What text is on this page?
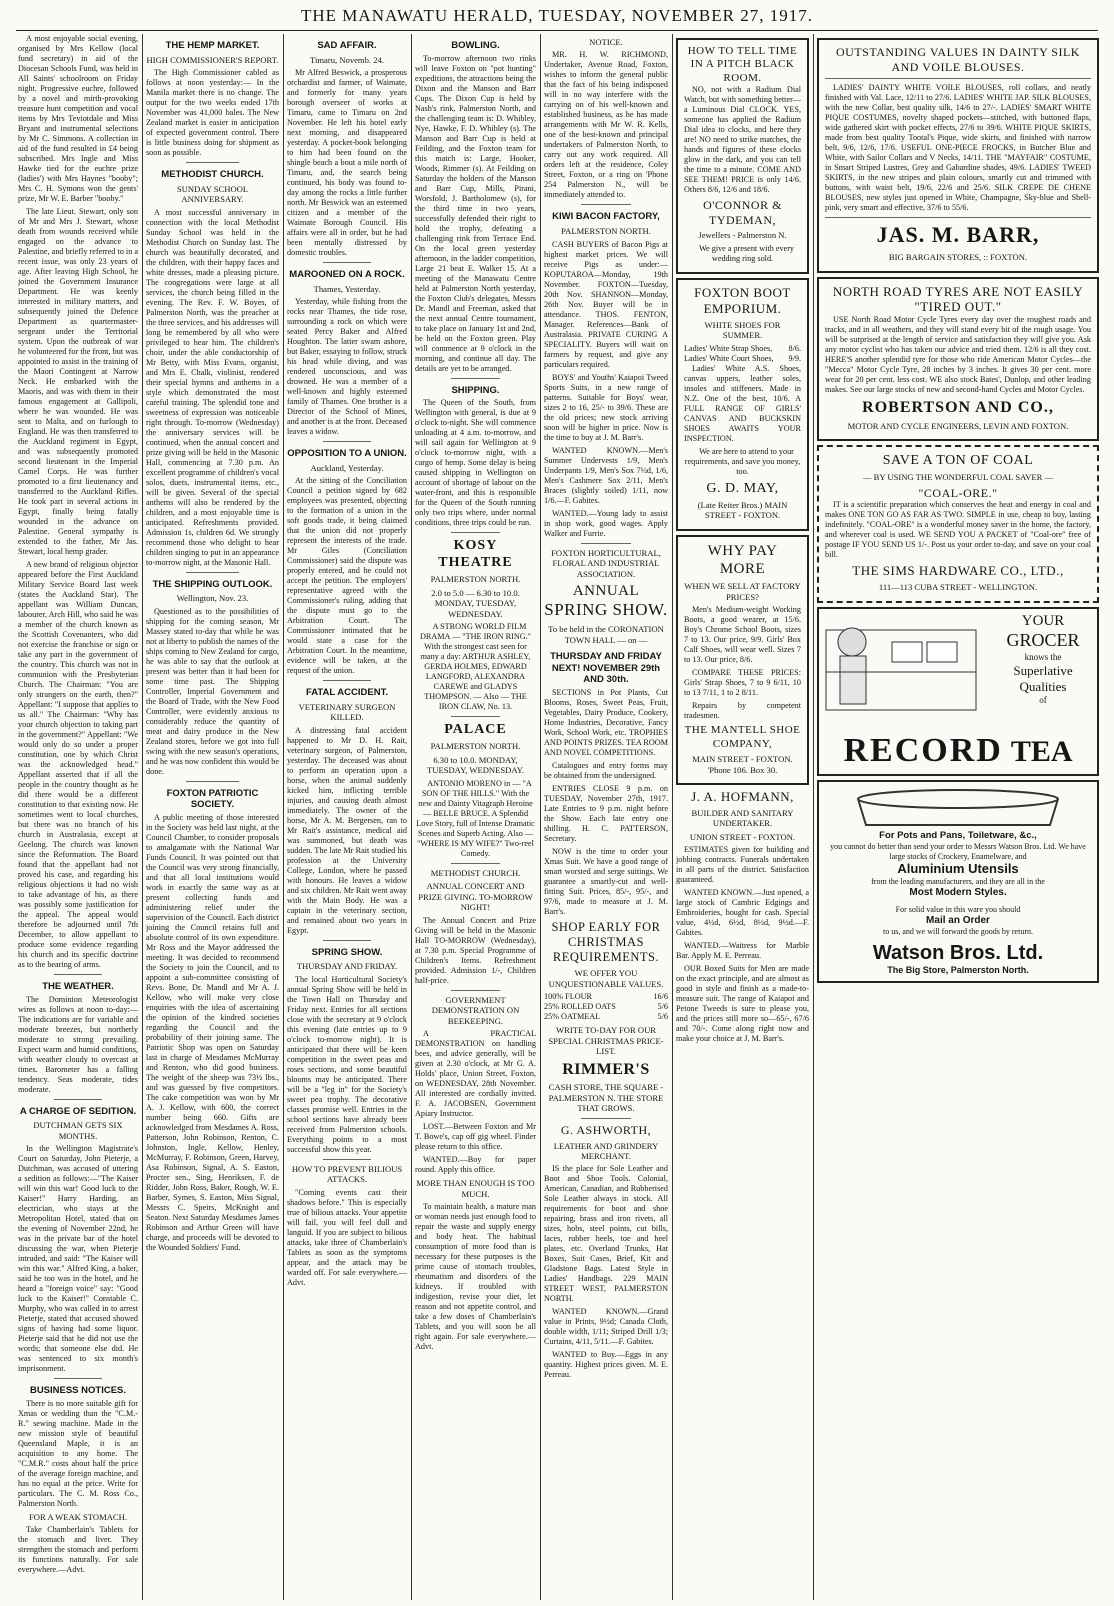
THE MANAWATU HERALD, TUESDAY, NOVEMBER 27, 1917.

A most enjoyable social evening, organised by Mrs Kellow (local fund secretary) in aid of the Diocesan Schools Fund, was held in All Saints' schoolroom on Friday night. Progressive euchre, followed by a novel and mirth-provoking treasure hunt competition and vocal items by Mrs Teviotdale and Miss Bryant and instrumental selections by Mr C. Simmons. A collection in aid of the fund resulted in £4 being subscribed. Mrs Ingle and Miss Hawke tied for the euchre prize (ladies') with Mrs Haynes "booby"; Mrs C. H. Symons won the gents' prize, Mr W. E. Barber "booby."

The late Lieut. Stewart, only son of Mr and Mrs J. Stewart, whose death from wounds received while engaged on the advance to Palestine, and briefly referred to in a recent issue, was only 23 years of age. After leaving High School, he joined the Government Insurance Department. He was keenly interested in military matters, and subsequently joined the Defence Department as quartermaster-sergeant under the Territorial system. Upon the outbreak of war he volunteered for the front, but was appointed to assist in the training of the Maori Contingent at Narrow Neck. He embarked with the Maoris, and was with them in their famous engagement at Gallipoli, where he was wounded. He was sent to Malta, and on furlough to England. He was then transferred to the Auckland regiment in Egypt, and was subsequently promoted second lieutenant in the Imperial Camel Corps. He was further promoted to a first lieutenancy and transferred to the Auckland Rifles. He took part in several actions in Egypt, finally being fatally wounded in the advance on Palestine. General sympathy is extended to the father, Mr Jas. Stewart, local hemp grader.

A new brand of religious objector appeared before the First Auckland Military Service Board last week (states the Auckland Star). The appellant was William Duncan, labourer, Arch Hill, who said he was a member of the church known as the Scottish Covenanters, who did not exercise the franchise or sign or take any part in the government of the country. This church was not in communion with the Presbyterian Church. The Chairman: "You are only strangers on the earth, then?" Appellant: "I suppose that applies to us all." The Chairman: "Why has your church objection to taking part in the government?" Appellant: "We would only do so under a proper constitution, one by which Christ was the acknowledged head." Appellant asserted that if all the people in the country thought as he did there would be a different constitution to that existing now. He sometimes went to local churches, but there was no branch of his church in Australasia, except at Geelong. The church was known since the Reformation. The Board found that the appellant had not proved his case, and regarding his religious objections it had no wish to take advantage of his, as there was possibly some justification for the appeal. The appeal would therefore be adjourned until 7th December, to allow appellant to produce some evidence regarding his church and its specific doctrine as to the bearing of arms.

THE WEATHER.

The Dominion Meteorologist wires as follows at noon to-day:— The indications are for variable and moderate breezes, but northerly moderate to strong prevailing. Expect warm and humid conditions, with weather cloudy to overcast at times. Barometer has a falling tendency. Seas moderate, tides moderate.

A CHARGE OF SEDITION.
DUTCHMAN GETS SIX MONTHS.

In the Wellington Magistrate's Court on Saturday, John Pieterje, a Dutchman, was accused of uttering a sedition as follows:—"The Kaiser will win this war! Good luck to the Kaiser!" Harry Harding, an electrician, who stays at the Metropolitan Hotel, stated that on the evening of November 22nd, he was in the private bar of the hotel discussing the war, when Pieterje intruded, and said: "The Kaiser will win this war." Alfred King, a baker, said he too was in the hotel, and he heard a "foreign voice" say: "Good luck to the Kaiser!" Constable C. Murphy, who was called in to arrest Pieterje, stated that accused showed signs of having had some liquor. Pieterje said that he did not use the words; that someone else did. He was sentenced to six month's imprisonment.

BUSINESS NOTICES.

There is no more suitable gift for Xmas or wedding than the "C.M.-R." sewing machine. Made in the new mission style of beautiful Queensland Maple, it is an acquisition to any home. The "C.M.R." costs about half the price of the average foreign machine, and has no equal at the price. Write for particulars. The C. M. Ross Co., Palmerston North.

FOR A WEAK STOMACH.

Take Chamberlain's Tablets for the stomach and liver. They strengthen the stomach and perform its functions naturally. For sale everywhere.—Advt.

THE HEMP MARKET.
HIGH COMMISSIONER'S REPORT.

The High Commissioner cabled as follows at noon yesterday:— In the Manila market there is no change. The output for the two weeks ended 17th November was 41,000 bales. The New Zealand market is easier in anticipation of expected government control. There is little business doing for shipment as soon as possible.

METHODIST CHURCH.
SUNDAY SCHOOL ANNIVERSARY.

A most successful anniversary in connection with the local Methodist Sunday School was held in the Methodist Church on Sunday last. The church was beautifully decorated, and the children, with their happy faces and white dresses, made a pleasing picture. The congregations were large at all services, the church being filled in the evening. The Rev. F. W. Boyes, of Palmerston North, was the preacher at the three services, and his addresses will long be remembered by all who were privileged to hear him. The children's choir, under the able conductorship of Mr Betty, with Miss Evans, organist, and Mrs E. Chalk, violinist, rendered their special hymns and anthems in a style which demonstrated the most careful training. The splendid tone and sweetness of expression was noticeable right through. To-morrow (Wednesday) the anniversary services will be continued, when the annual concert and prize giving will be held in the Masonic Hall, commencing at 7.30 p.m. An excellent programme of children's vocal solos, duets, instrumental items, etc., will be given. Several of the special anthems will also be rendered by the children, and a most enjoyable time is anticipated. Refreshments provided. Admission 1s, children 6d. We strongly recommend those who delight to hear children singing to put in an appearance to-morrow night, at the Masonic Hall.

THE SHIPPING OUTLOOK.
Wellington, Nov. 23.

Questioned as to the possibilities of shipping for the coming season, Mr Massey stated to-day that while he was not at liberty to publish the names of the ships coming to New Zealand for cargo, he was able to say that the outlook at present was better than it had been for some time past. The Shipping Controller, Imperial Government and the Board of Trade, with the New Food Controller, were evidently anxious to considerably reduce the quantity of meat and dairy produce in the New Zealand stores, before we got into full swing with the new season's operations, and he was now confident this would be done.

FOXTON PATRIOTIC SOCIETY.

A public meeting of those interested in the Society was held last night, at the Council Chamber, to consider proposals to amalgamate with the National War Funds Council. It was pointed out that the Council was very strong financially, and that all local institutions would work in exactly the same way as at present collecting funds and administering relief under the supervision of the Council. Each district joining the Council retains full and absolute control of its own expenditure. Mr Ross and the Mayor addressed the meeting. It was decided to recommend the Society to join the Council, and to appoint a sub-committee consisting of Revs. Bone, Dr. Mandl and Mr A. J. Kellow, who will make very close enquiries with the idea of ascertaining the opinion of the kindred societies regarding the Council and the probability of their joining same. The Patriotic Shop was open on Saturday last in charge of Mesdames McMurray and Renton, who did good business. The weight of the sheep was 73½ lbs., and was guessed by five competitors. The cake competition was won by Mr A. J. Kellow, with 600, the correct number being 660. Gifts are acknowledged from Mesdames A. Ross, Patterson, John Robinson, Renton, C. Johnston, Ingle, Kellow, Henley, McMurray, F. Robinson, Green, Harvey, Asa Robinson, Signal, A. S. Easton, Procter sen., Sing, Henriksen, F. de Ridder, John Ross, Baker, Rough, W. E. Barber, Symes, S. Easton, Miss Signal, Messrs C. Speirs, McKnight and Seaton. Next Saturday Mesdames James Robinson and Arthur Green will have charge, and proceeds will be devoted to the Wounded Soldiers' Fund.

SAD AFFAIR.
Timaru, Novemb. 24.

Mr Alfred Beswick, a prosperous orchardist and farmer, of Waimate, and formerly for many years borough overseer of works at Timaru, came to Timaru on 2nd November. He left his hotel early next morning, and disappeared yesterday. A pocket-book belonging to him had been found on the shingle beach a bout a mile north of Timaru, and, the search being continued, his body was found to-day among the rocks a little further north. Mr Beswick was an esteemed citizen and a member of the Waimate Borough Council. His affairs were all in order, but he had been mentally distressed by domestic troubles.

MAROONED ON A ROCK.
Thames, Yesterday.

Yesterday, while fishing from the rocks near Thames, the tide rose, surrounding a rock on which were seated Percy Baker and Alfred Houghton. The latter swam ashore, but Baker, essaying to follow, struck his head while diving, and was rendered unconscious, and was drowned. He was a member of a well-known and highly esteemed family of Thames. One brother is a Director of the School of Mines, and another is at the front. Deceased leaves a widow.

OPPOSITION TO A UNION.
Auckland, Yesterday.

At the sitting of the Conciliation Council a petition signed by 682 employees was presented, objecting to the formation of a union in the soft goods trade, it being claimed that the union did not properly represent the interests of the trade. Mr Giles (Conciliation Commissioner) said the dispute was properly entered, and he could not accept the petition. The employers' representative agreed with the Commissioner's ruling, adding that the dispute must go to the Arbitration Court. The Commissioner intimated that he would state a case for the Arbitration Court. In the meantime, evidence will be taken, at the request of the union.

FATAL ACCIDENT.
VETERINARY SURGEON KILLED.

A distressing fatal accident happened to Mr D. H. Rait, veterinary surgeon, of Palmerston, yesterday. The deceased was about to perform an operation upon a horse, when the animal suddenly kicked him, inflicting terrible injuries, and causing death almost immediately. The owner of the horse, Mr A. M. Bergersen, ran to Mr Rait's assistance, medical aid was summoned, but death was sudden. The late Mr Rait studied his profession at the University College, London, where he passed with honours. He leaves a widow and six children. Mr Rait went away with the Main Body. He was a captain in the veterinary section, and remained about two years in Egypt.

SPRING SHOW.
THURSDAY AND FRIDAY.

The local Horticultural Society's annual Spring Show will be held in the Town Hall on Thursday and Friday next. Entries for all sections close with the secretary at 9 o'clock this evening (late entries up to 9 o'clock to-morrow night). It is anticipated that there will be keen competition in the sweet peas and roses sections, and some beautiful blooms may be anticipated. There will be a "leg in" for the Society's sweet pea trophy. The decorative classes promise well. Entries in the school sections have already been received from Palmerston schools. Everything points to a most successful show this year.

HOW TO PREVENT BILIOUS ATTACKS.

"Coming events cast their shadows before." This is especially true of bilious attacks. Your appetite will fail, you will feel dull and languid. If you are subject to bilious attacks, take three of Chamberlain's Tablets as soon as the symptoms appear, and the attack may be warded off. For sale everywhere.—Advt.

BOWLING.

To-morrow afternoon two rinks will leave Foxton on "pot hunting" expeditions, the attractions being the Dixon and the Manson and Barr Cups. The Dixon Cup is held by Nash's rink, Palmerston North, and the challenging team is: D. Whibley, Nye, Hawke, F. D. Whibley (s). The Manson and Barr Cup is held at Feilding, and the Foxton team for this match is: Large, Hooker, Woods, Rimmer (s). At Feilding on Saturday the holders of the Manson and Barr Cup, Mills, Pirani, Worsfold, J. Bartholomew (s), for the third time in two years, successfully defended their right to hold the trophy, defeating a challenging rink from Terrace End. On the local green yesterday afternoon, in the ladder competition, Large 21 beat E. Walker 15. At a meeting of the Manawatu Centre held at Palmerston North yesterday, the Foxton Club's delegates, Messrs Dr. Mandl and Freeman, asked that the next annual Centre tournament, to take place on January 1st and 2nd, be held on the Foxton green. Play will commence at 9 o'clock in the morning, and continue all day. The details are yet to be arranged.

SHIPPING.

The Queen of the South, from Wellington with general, is due at 9 o'clock to-night. She will commence unloading at 4 a.m. to-morrow, and will sail again for Wellington at 9 o'clock to-morrow night, with a cargo of hemp. Some delay is being caused shipping in Wellington on account of shortage of labour on the water-front, and this is responsible for the Queen of the South running only two trips where, under normal conditions, three trips could be run.

KOSY THEATRE
PALMERSTON NORTH.
2.0 to 5.0 — 6.30 to 10.0. MONDAY, TUESDAY, WEDNESDAY.

A STRONG WORLD FILM DRAMA — "THE IRON RING." With the strongest cast seen for many a day: ARTHUR ASHLEY, GERDA HOLMES, EDWARD LANGFORD, ALEXANDRA CAREWE and GLADYS THOMPSON. — Also — THE IRON CLAW, No. 13.

PALACE
PALMERSTON NORTH.
6.30 to 10.0. MONDAY, TUESDAY, WEDNESDAY.

ANTONIO MORENO in — "A SON OF THE HILLS." With the new and Dainty Vitagraph Heroine — BELLE BRUCE. A Splendid Love Story, full of Intense Dramatic Scenes and Superb Acting. Also — "WHERE IS MY WIFE?" Two-reel Comedy.

METHODIST CHURCH.
ANNUAL CONCERT AND PRIZE GIVING. TO-MORROW NIGHT!

The Annual Concert and Prize Giving will be held in the Masonic Hall TO-MORROW (Wednesday), at 7.30 p.m. Special Programme of Children's Items. Refreshment provided. Admission 1/-, Children half-price.

GOVERNMENT DEMONSTRATION ON BEEKEEPING.

A PRACTICAL DEMONSTRATION on handling bees, and advice generally, will be given at 2.30 o'clock, at Mr G. A. Holds' place, Union Street, Foxton, on WEDNESDAY, 28th November. All interested are cordially invited. F. A. JACOBSEN, Government Apiary Instructor.

LOST.—Between Foxton and Mr T. Bowe's, cap off gig wheel. Finder please return to this office.

WANTED.—Boy for paper round. Apply this office.

MORE THAN ENOUGH IS TOO MUCH.

To maintain health, a mature man or woman needs just enough food to repair the waste and supply energy and body heat. The habitual consumption of more food than is necessary for these purposes is the prime cause of stomach troubles, rheumatism and disorders of the kidneys. If troubled with indigestion, revise your diet, let reason and not appetite control, and take a few doses of Chamberlain's Tablets, and you will soon be all right again. For sale everywhere.—Advt.

NOTICE.

MR. H. W. RICHMOND, Undertaker, Avenue Road, Foxton, wishes to inform the general public that the fact of his being indisposed will in no way interfere with the carrying on of his well-known and established business, as he has made arrangements with Mr W. R. Kells, one of the best-known and principal undertakers of Palmerston North, to carry out any work required. All orders left at the residence, Coley Street, Foxton, or a ring on 'Phone 254 Palmerston N., will be immediately attended to.

KIWI BACON FACTORY,
PALMERSTON NORTH.

CASH BUYERS of Bacon Pigs at highest market prices. We will receive Pigs as under:— KOPUTAROA—Monday, 19th November. FOXTON—Tuesday, 20th Nov. SHANNON—Monday, 26th Nov. Buyer will be in attendance. THOS. FENTON, Manager. References—Bank of Australasia. PRIVATE CURING A SPECIALITY. Buyers will wait on farmers by request, and give any particulars required.

BOYS' and Youths' Kaiapoi Tweed Sports Suits, in a new range of patterns. Suitable for Boys' wear, sizes 2 to 16, 25/- to 39/6. These are the old prices; new stock arriving soon will be higher in price. Now is the time to buy at J. M. Barr's.

WANTED KNOWN.—Men's Summer Undervests 1/9, Men's Underpants 1/9, Men's Sox 7½d, 1/6, Men's Cashmere Sox 2/11, Men's Braces (slightly soiled) 1/11, now 1/6.—F. Gabites.

WANTED.—Young lady to assist in shop work, good wages. Apply Walker and Furrie.

FOXTON HORTICULTURAL, FLORAL AND INDUSTRIAL ASSOCIATION.
ANNUAL
SPRING SHOW.
To be held in the CORONATION TOWN HALL — on —
THURSDAY AND FRIDAY NEXT! NOVEMBER 29th AND 30th.

SECTIONS in Pot Plants, Cut Blooms, Roses, Sweet Peas, Fruit, Vegetables, Dairy Produce, Cookery, Home Industries, Decorative, Fancy Work, School Work, etc. TROPHIES AND POINTS PRIZES. TEA ROOM AND NOVEL COMPETITIONS.

Catalogues and entry forms may be obtained from the undersigned.

ENTRIES CLOSE 9 p.m. on TUESDAY, November 27th, 1917. Late Entries to 9 p.m. night before the Show. Each late entry one shilling. H. C. PATTERSON, Secretary.

NOW is the time to order your Xmas Suit. We have a good range of smart worsted and serge suitings. We guarantee a smartly-cut and well-fitting Suit. Prices, 85/-, 95/-, and 97/6, made to measure at J. M. Barr's.

SHOP EARLY FOR CHRISTMAS REQUIREMENTS.
WE OFFER YOU UNQUESTIONABLE VALUES.
100% FLOUR	16/6
25% ROLLED OATS	5/6
25% OATMEAL	5/6
WRITE TO-DAY FOR OUR SPECIAL CHRISTMAS PRICE-LIST.
RIMMER'S
CASH STORE, THE SQUARE - PALMERSTON N. THE STORE THAT GROWS.
G. ASHWORTH,
LEATHER AND GRINDERY MERCHANT.

IS the place for Sole Leather and Boot and Shoe Tools. Colonial, American, Canadian, and Rubberised Sole Leather always in stock. All requirements for boot and shoe repairing, brass and iron rivets, all sizes, hobs, steel points, cut bills, laces, rubber heels, toe and heel plates, etc. Overland Trunks, Hat Boxes, Suit Cases, Brief, Kit and Gladstone Bags. Latest Style in Ladies' Handbags. 229 MAIN STREET WEST, PALMERSTON NORTH.

WANTED KNOWN.—Grand value in Prints, 9½d; Canada Cloth, double width, 1/11; Striped Drill 1/3; Curtains, 4/11, 5/11.—F. Gabites.

WANTED to Buy.—Eggs in any quantity. Highest prices given. M. E. Perreau.

HOW TO TELL TIME IN A PITCH BLACK ROOM.

NO, not with a Radium Dial Watch, but with something better—a Luminous Dial CLOCK. YES, someone has applied the Radium Dial idea to clocks, and here they are! NO need to strike matches, the hands and figures of these clocks glow in the dark, and you can tell the time to a minute. COME AND SEE THEM! PRICE is only 14/6. Others 8/6, 12/6 and 18/6.

O'CONNOR & TYDEMAN,
Jewellers - Palmerston N.

We give a present with every wedding ring sold.

FOXTON BOOT EMPORIUM.
WHITE SHOES FOR SUMMER.
Ladies' White Strap Shoes, 8/6.
Ladies' White Court Shoes, 9/9.

Ladies' White A.S. Shoes, canvas uppers, leather soles, insoles and stiffeners. Made in N.Z. One of the best, 10/6. A FULL RANGE OF GIRLS' CANVAS AND BUCKSKIN SHOES AWAITS YOUR INSPECTION.

We are here to attend to your requirements, and save you money, too.

G. D. MAY,
(Late Reiter Bros.) MAIN STREET - FOXTON.
WHY PAY MORE
WHEN WE SELL AT FACTORY PRICES?

Men's Medium-weight Working Boots, a good wearer, at 15/6. Boy's Chrome School Boots, sizes 7 to 13. Our price, 9/9. Girls' Box Calf Shoes, will wear well. Sizes 7 to 13. Our price, 8/6.

COMPARE THESE PRICES: Girls' Strap Shoes, 7 to 9 6/11, 10 to 13 7/11, 1 to 2 8/11.

Repairs by competent tradesmen.

THE MANTELL SHOE COMPANY,
MAIN STREET - FOXTON. 'Phone 106. Box 30.
J. A. HOFMANN,
BUILDER AND SANITARY UNDERTAKER.
UNION STREET - FOXTON.

ESTIMATES given for building and jobbing contracts. Funerals undertaken in all parts of the district. Satisfaction guaranteed.

WANTED KNOWN.—Just opened, a large stock of Cambric Edgings and Embroideries, bought for cash. Special value, 4½d, 6½d, 8½d, 9½d.—F. Gabites.

WANTED.—Waitress for Marble Bar. Apply M. E. Perreau.

OUR Boxed Suits for Men are made on the exact principle, and are almost as good in style and finish as a made-to-measure suit. The range of Kaiapoi and Petone Tweeds is sure to please you, and the prices still more so—65/-, 67/6 and 70/-. Come along right now and make your choice at J. M. Barr's.

OUTSTANDING VALUES IN DAINTY SILK AND VOILE BLOUSES.

LADIES' DAINTY WHITE VOILE BLOUSES, roll collars, and neatly finished with Val. Lace, 12/11 to 27/6. LADIES' WHITE JAP. SILK BLOUSES, with the new Collar, best quality silk, 14/6 to 27/-. LADIES' SMART WHITE PIQUE COSTUMES, novelty shaped pockets—stitched, with buttoned flaps, wide gathered skirt with pocket effects, 27/6 to 39/6. WHITE PIQUE SKIRTS, made from best quality Tootal's Pique, wide skirts, and finished with narrow belt, 9/6, 12/6, 17/6. USEFUL ONE-PIECE FROCKS, in Butcher Blue and White, with Sailor Collars and V Necks, 14/11. THE "MAYFAIR" COSTUME, in Smart Striped Lustres, Grey and Gabardine shades, 49/6. LADIES' TWEED SKIRTS, in the new stripes and plain colours, smartly cut and trimmed with buttons, with waist belt, 19/6, 22/6 and 25/6. SILK CREPE DE CHENE BLOUSES, new styles just opened in White, Champagne, Sky-blue and Shell-pink, very smart and effective, 37/6 to 55/6.

JAS. M. BARR,
BIG BARGAIN STORES, :: FOXTON.
NORTH ROAD TYRES ARE NOT EASILY "TIRED OUT."

USE North Road Motor Cycle Tyres every day over the roughest roads and tracks, and in all weathers, and they will stand every bit of the rough usage. You will be surprised at the length of service and satisfaction they will give you. Ask any motor cyclist who has taken our advice and tried them. 12/6 is all they cost. HERE'S another splendid tyre for those who ride American Motor Cycles—the "Mecca" Motor Cycle Tyre, 28 inches by 3 inches. It gives 30 per cent. more wear for 20 per cent. less cost. WE also stock Bates', Dunlop, and other leading makes. See our large stocks of new and second-hand Cycles and Motor Cycles.

ROBERTSON AND CO.,
MOTOR AND CYCLE ENGINEERS, LEVIN AND FOXTON.
SAVE A TON OF COAL
— BY USING THE WONDERFUL COAL SAVER —
"COAL-ORE."

IT is a scientific preparation which conserves the heat and energy in coal and makes ONE TON GO AS FAR AS TWO. SIMPLE in use, cheap to buy, lasting indefinitely. "COAL-ORE" is a wonderful money saver in the home, the factory, and wherever coal is used. WE SEND YOU A PACKET of "Coal-ore" free of postage IF YOU SEND US 1/-. Post us your order to-day, and save on your coal bill.

THE SIMS HARDWARE CO., LTD.,
111—113 CUBA STREET - WELLINGTON.
YOUR
GROCER
knows the
Superlative
Qualities
of
RECORD TEA
For Pots and Pans, Toiletware, &c.,
you cannot do better than send your order to Messrs Watson Bros. Ltd. We have large stocks of Crockery, Enamelware, and
Aluminium Utensils
from the leading manufacturers, and they are all in the
Most Modern Styles.
For solid value in this ware you should
Mail an Order
to us, and we will forward the goods by return.
Watson Bros. Ltd.
The Big Store, Palmerston North.
